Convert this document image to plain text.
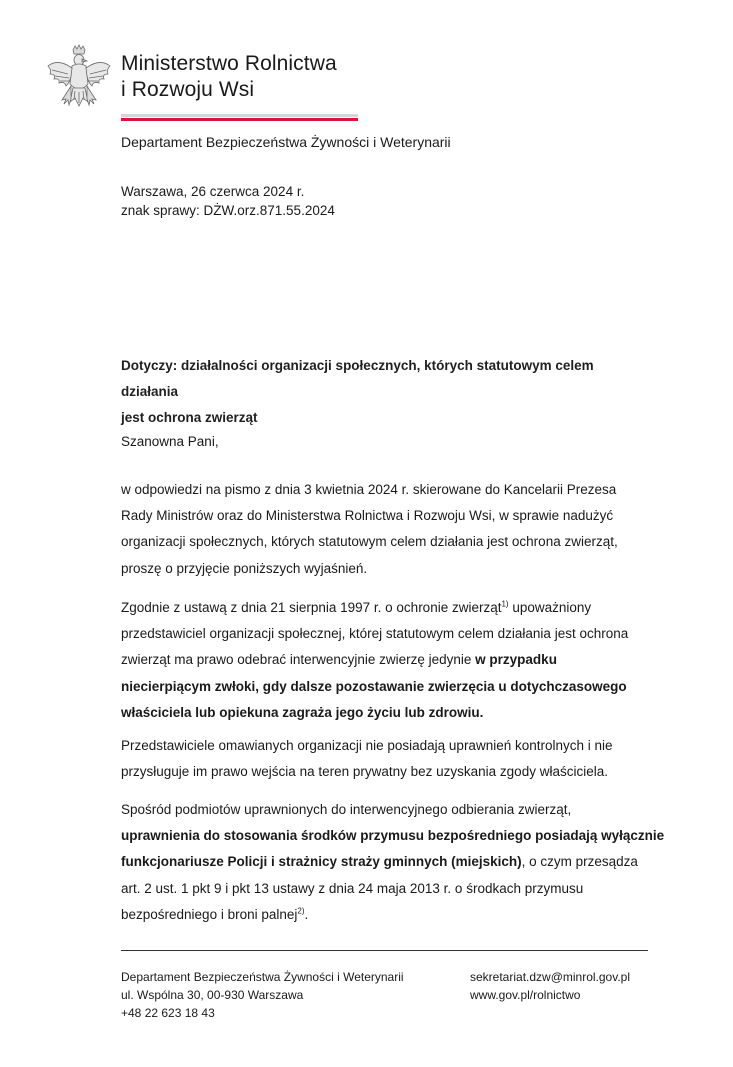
Ministerstwo Rolnictwa
i Rozwoju Wsi
Departament Bezpieczeństwa Żywności i Weterynarii
Warszawa, 26 czerwca 2024 r.
znak sprawy: DŻW.orz.871.55.2024
Dotyczy: działalności organizacji społecznych, których statutowym celem działania
jest ochrona zwierząt
Szanowna Pani,
w odpowiedzi na pismo z dnia 3 kwietnia 2024 r. skierowane do Kancelarii Prezesa
Rady Ministrów oraz do Ministerstwa Rolnictwa i Rozwoju Wsi, w sprawie nadużyć
organizacji społecznych, których statutowym celem działania jest ochrona zwierząt,
proszę o przyjęcie poniższych wyjaśnień.
Zgodnie z ustawą z dnia 21 sierpnia 1997 r. o ochronie zwierząt$^{1)}$ upoważniony
przedstawiciel organizacji społecznej, której statutowym celem działania jest ochrona
zwierząt ma prawo odebrać interwencyjnie zwierzę jedynie w przypadku
niecierpiącym zwłoki, gdy dalsze pozostawanie zwierzęcia u dotychczasowego
właściciela lub opiekuna zagraża jego życiu lub zdrowiu.
Przedstawiciele omawianych organizacji nie posiadają uprawnień kontrolnych i nie
przysługuje im prawo wejścia na teren prywatny bez uzyskania zgody właściciela.
Spośród podmiotów uprawnionych do interwencyjnego odbierania zwierząt,
uprawnienia do stosowania środków przymusu bezpośredniego posiadają wyłącznie
funkcjonariusze Policji i strażnicy straży gminnych (miejskich), o czym przesądza
art. 2 ust. 1 pkt 9 i pkt 13 ustawy z dnia 24 maja 2013 r. o środkach przymusu
bezpośredniego i broni palnej$^{2)}$.
Departament Bezpieczeństwa Żywności i Weterynarii
ul. Wspólna 30, 00-930 Warszawa
+48 22 623 18 43
sekretariat.dzw@minrol.gov.pl
www.gov.pl/rolnictwo
